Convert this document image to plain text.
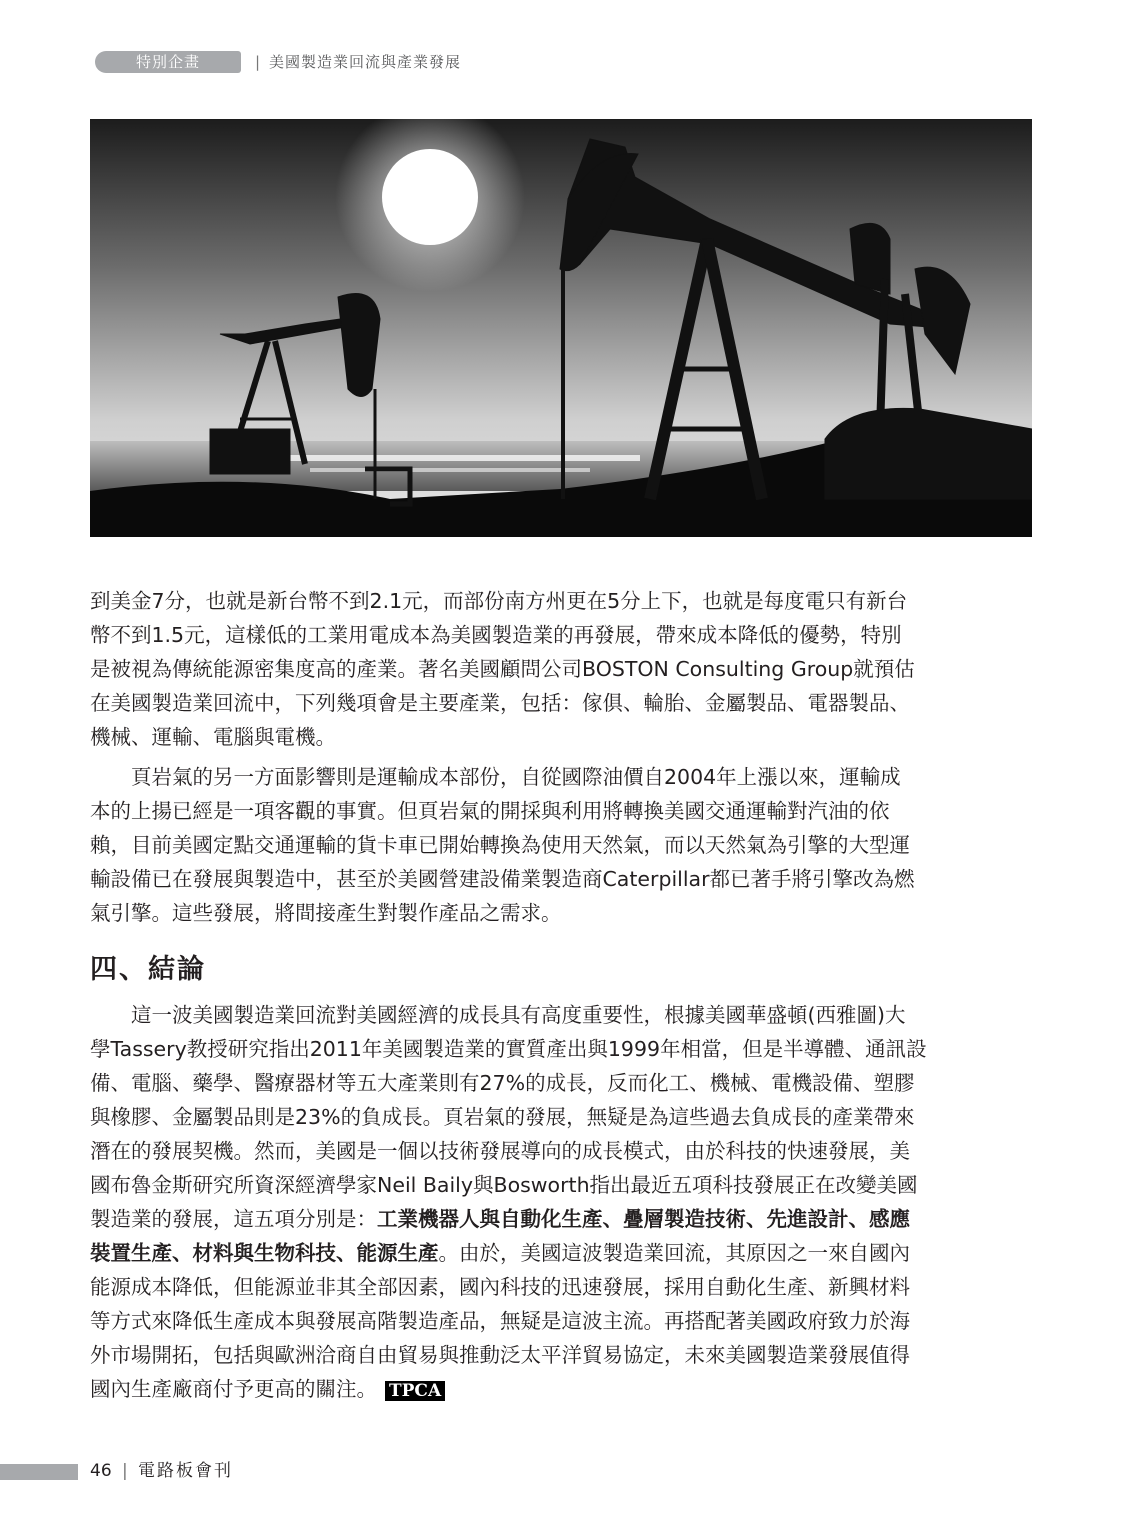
特別企畫	| 美國製造業回流與產業發展
到美金7分，也就是新台幣不到2.1元，而部份南方州更在5分上下，也就是每度電只有新台
幣不到1.5元，這樣低的工業用電成本為美國製造業的再發展，帶來成本降低的優勢，特別
是被視為傳統能源密集度高的產業。著名美國顧問公司BOSTON Consulting Group就預估
在美國製造業回流中，下列幾項會是主要產業，包括：傢俱、輪胎、金屬製品、電器製品、
機械、運輸、電腦與電機。
　　頁岩氣的另一方面影響則是運輸成本部份，自從國際油價自2004年上漲以來，運輸成
本的上揚已經是一項客觀的事實。但頁岩氣的開採與利用將轉換美國交通運輸對汽油的依
賴，目前美國定點交通運輸的貨卡車已開始轉換為使用天然氣，而以天然氣為引擎的大型運
輸設備已在發展與製造中，甚至於美國營建設備業製造商Caterpillar都已著手將引擎改為燃
氣引擎。這些發展，將間接產生對製作產品之需求。
四、結論
　　這一波美國製造業回流對美國經濟的成長具有高度重要性，根據美國華盛頓(西雅圖)大
學Tassery教授研究指出2011年美國製造業的實質產出與1999年相當，但是半導體、通訊設
備、電腦、藥學、醫療器材等五大產業則有27%的成長，反而化工、機械、電機設備、塑膠
與橡膠、金屬製品則是23%的負成長。頁岩氣的發展，無疑是為這些過去負成長的產業帶來
潛在的發展契機。然而，美國是一個以技術發展導向的成長模式，由於科技的快速發展，美
國布魯金斯研究所資深經濟學家Neil Baily與Bosworth指出最近五項科技發展正在改變美國
製造業的發展，這五項分別是：工業機器人與自動化生產、疊層製造技術、先進設計、感應
裝置生產、材料與生物科技、能源生產。由於，美國這波製造業回流，其原因之一來自國內
能源成本降低，但能源並非其全部因素，國內科技的迅速發展，採用自動化生產、新興材料
等方式來降低生產成本與發展高階製造產品，無疑是這波主流。再搭配著美國政府致力於海
外市場開拓，包括與歐洲洽商自由貿易與推動泛太平洋貿易協定，未來美國製造業發展值得
國內生產廠商付予更高的關注。 TPCA
46 | 電路板會刊
